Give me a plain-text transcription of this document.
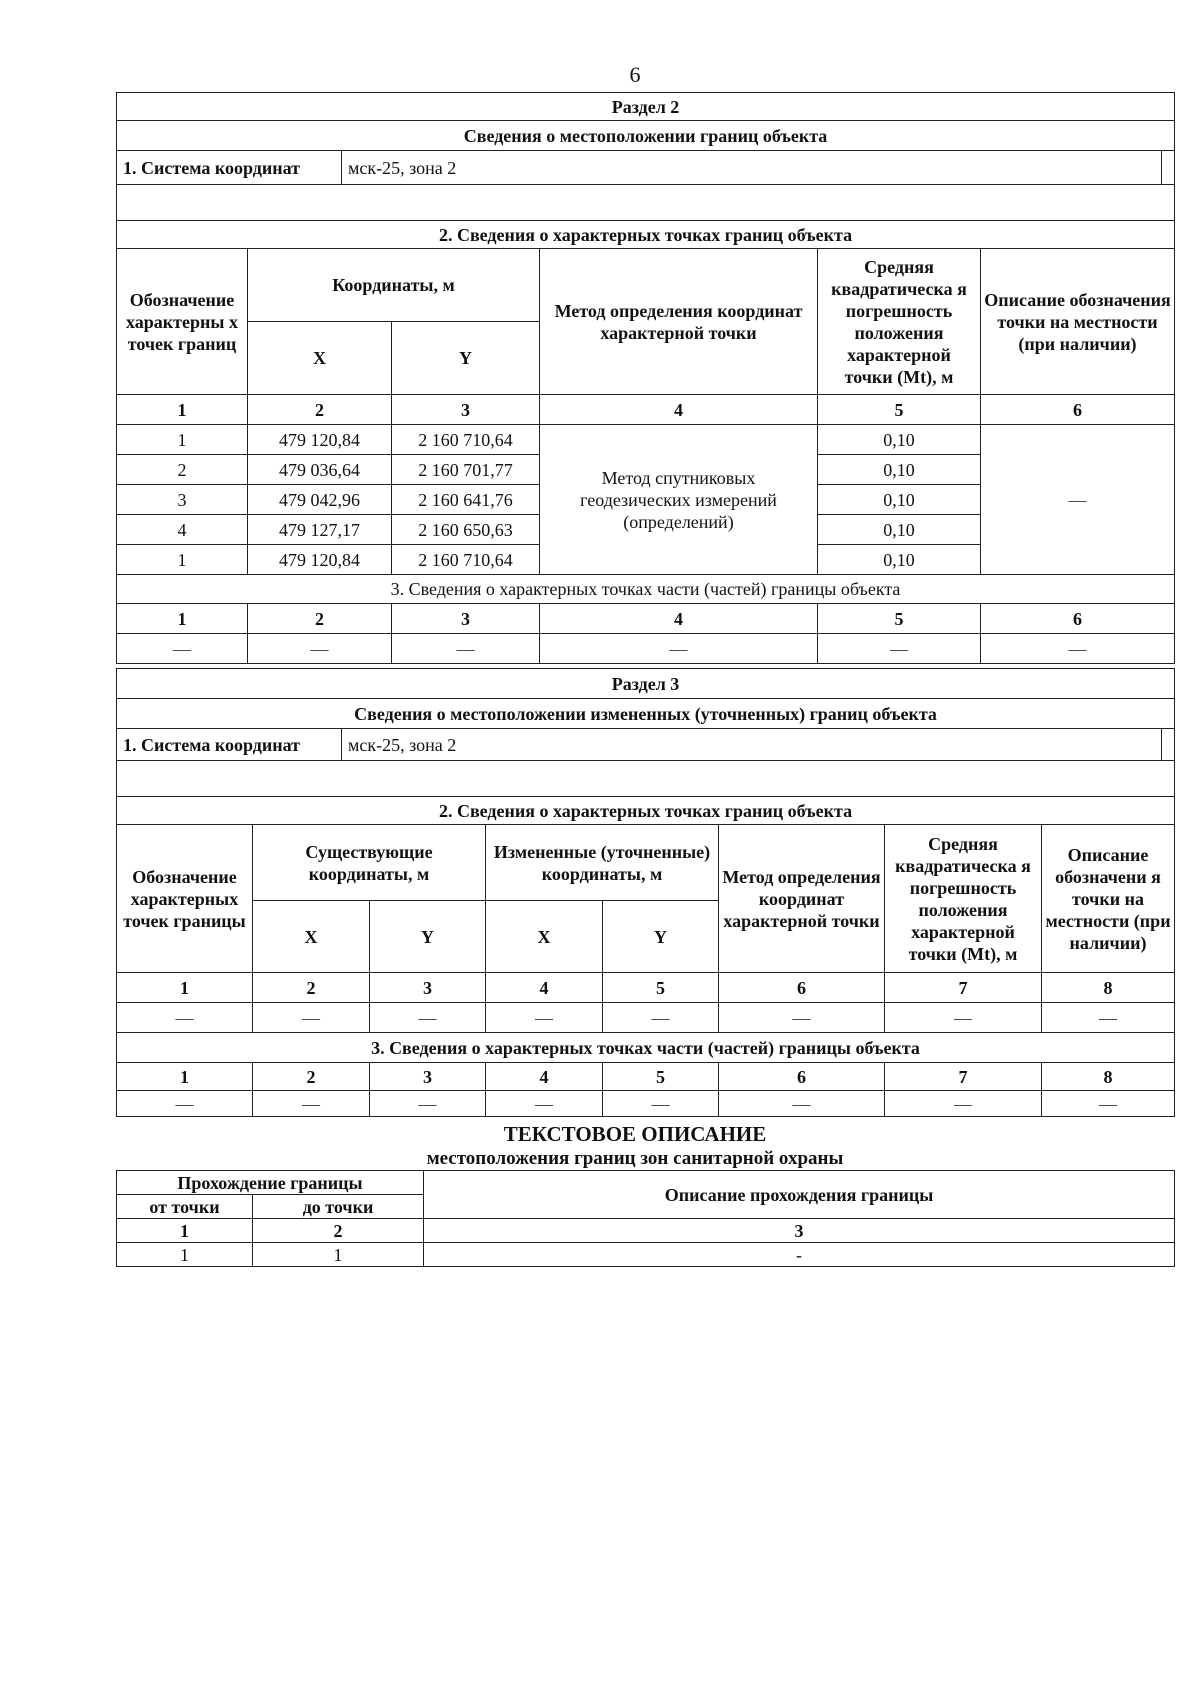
6
Раздел 2
Сведения о местоположении границ объекта
1. Система координат	мск-25, зона 2	

2. Сведения о характерных точках границ объекта
Обозначение характерны х точек границ	Координаты, м		Метод определения координат характерной точки	Средняя квадратическа я погрешность положения характерной точки (Mt), м	Описание обозначения точки на местности (при наличии)
	X	Y			
1	2	3	4	5	6
1	479 120,84	2 160 710,64	Метод спутниковых геодезических измерений (определений)	0,10	—
2	479 036,64	2 160 701,77		0,10	
3	479 042,96	2 160 641,76		0,10	
4	479 127,17	2 160 650,63		0,10	
1	479 120,84	2 160 710,64		0,10	
3. Сведения о характерных точках части (частей) границы объекта					
1	2	3	4	5	6
—	—	—	—	—	—
Раздел 3
Сведения о местоположении измененных (уточненных) границ объекта
1. Система координат	мск-25, зона 2	

2. Сведения о характерных точках границ объекта
Обозначение характерных точек границы	Существующие координаты, м		Измененные (уточненные) координаты, м		Метод определения координат характерной точки	Средняя квадратическа я погрешность положения характерной точки (Mt), м	Описание обозначени я точки на местности (при наличии)
	X	Y	X	Y			
1	2	3	4	5	6	7	8
—	—	—	—	—	—	—	—
3. Сведения о характерных точках части (частей) границы объекта							
1	2	3	4	5	6	7	8
—	—	—	—	—	—	—	—
ТЕКСТОВОЕ ОПИСАНИЕ
местоположения границ зон санитарной охраны
Прохождение границы		Описание прохождения границы
от точки	до точки	
1	2	3
1	1	-
